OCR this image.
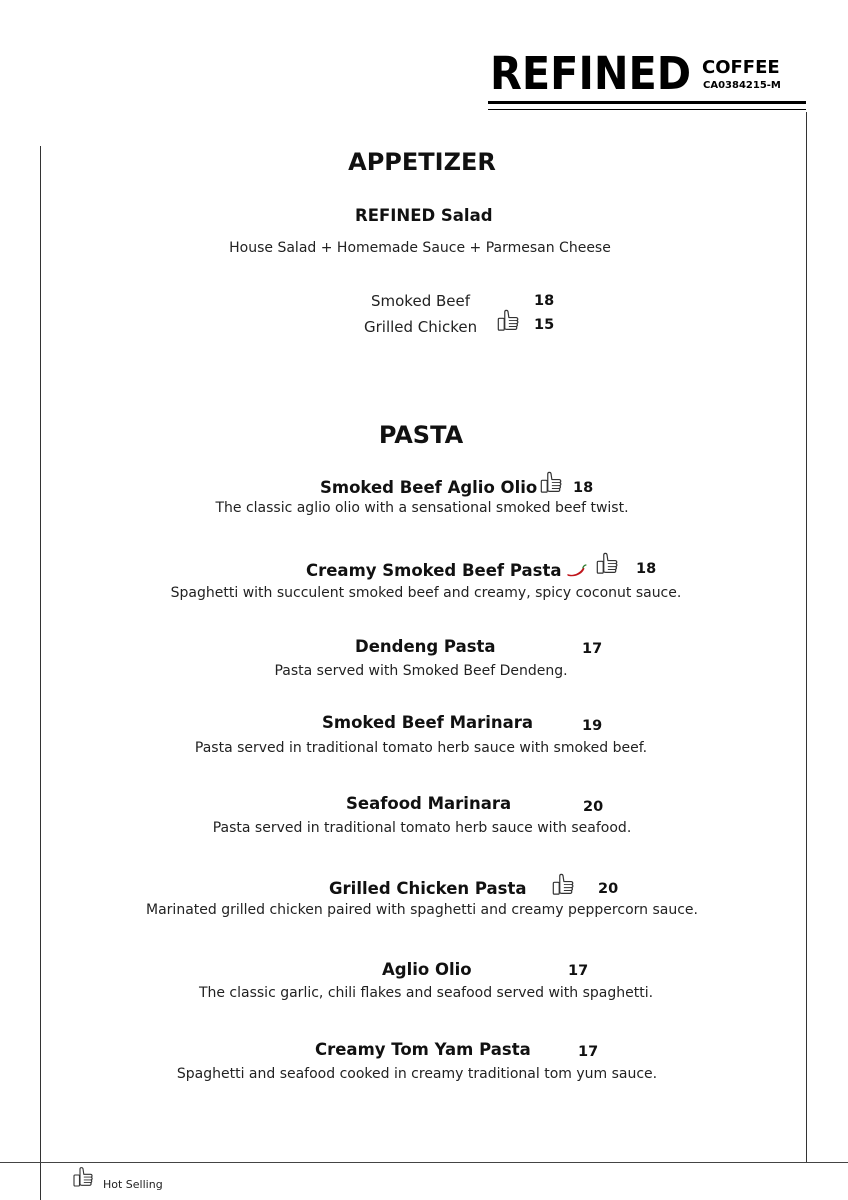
REFINED COFFEE
CA0384215-M
APPETIZER
REFINED Salad
House Salad + Homemade Sauce + Parmesan Cheese
Smoked Beef	18
Grilled Chicken	15
PASTA
Smoked Beef Aglio Olio 18
The classic aglio olio with a sensational smoked beef twist.
Creamy Smoked Beef Pasta	18
Spaghetti with succulent smoked beef and creamy, spicy coconut sauce.
Dendeng Pasta	17
Pasta served with Smoked Beef Dendeng.
Smoked Beef Marinara	19
Pasta served in traditional tomato herb sauce with smoked beef.
Seafood Marinara	20
Pasta served in traditional tomato herb sauce with seafood.
Grilled Chicken Pasta	20
Marinated grilled chicken paired with spaghetti and creamy peppercorn sauce.
Aglio Olio	17
The classic garlic, chili flakes and seafood served with spaghetti.
Creamy Tom Yam Pasta	17
Spaghetti and seafood cooked in creamy traditional tom yum sauce.
Hot Selling
